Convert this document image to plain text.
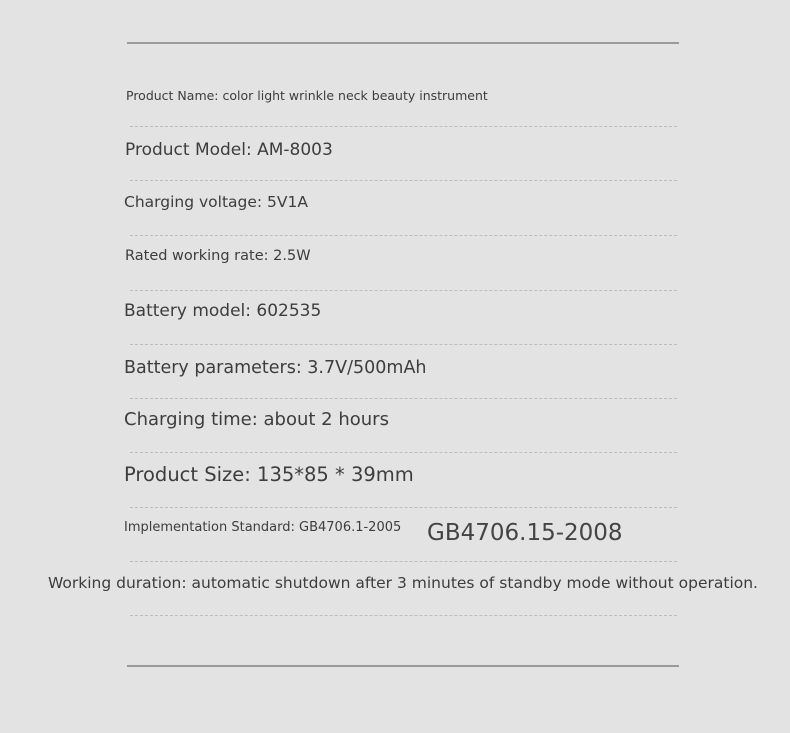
Product Name: color light wrinkle neck beauty instrument
Product Model: AM-8003
Charging voltage: 5V1A
Rated working rate: 2.5W
Battery model: 602535
Battery parameters: 3.7V/500mAh
Charging time: about 2 hours
Product Size: 135*85 * 39mm
Implementation Standard: GB4706.1-2005 GB4706.15-2008
Working duration: automatic shutdown after 3 minutes of standby mode without operation.
